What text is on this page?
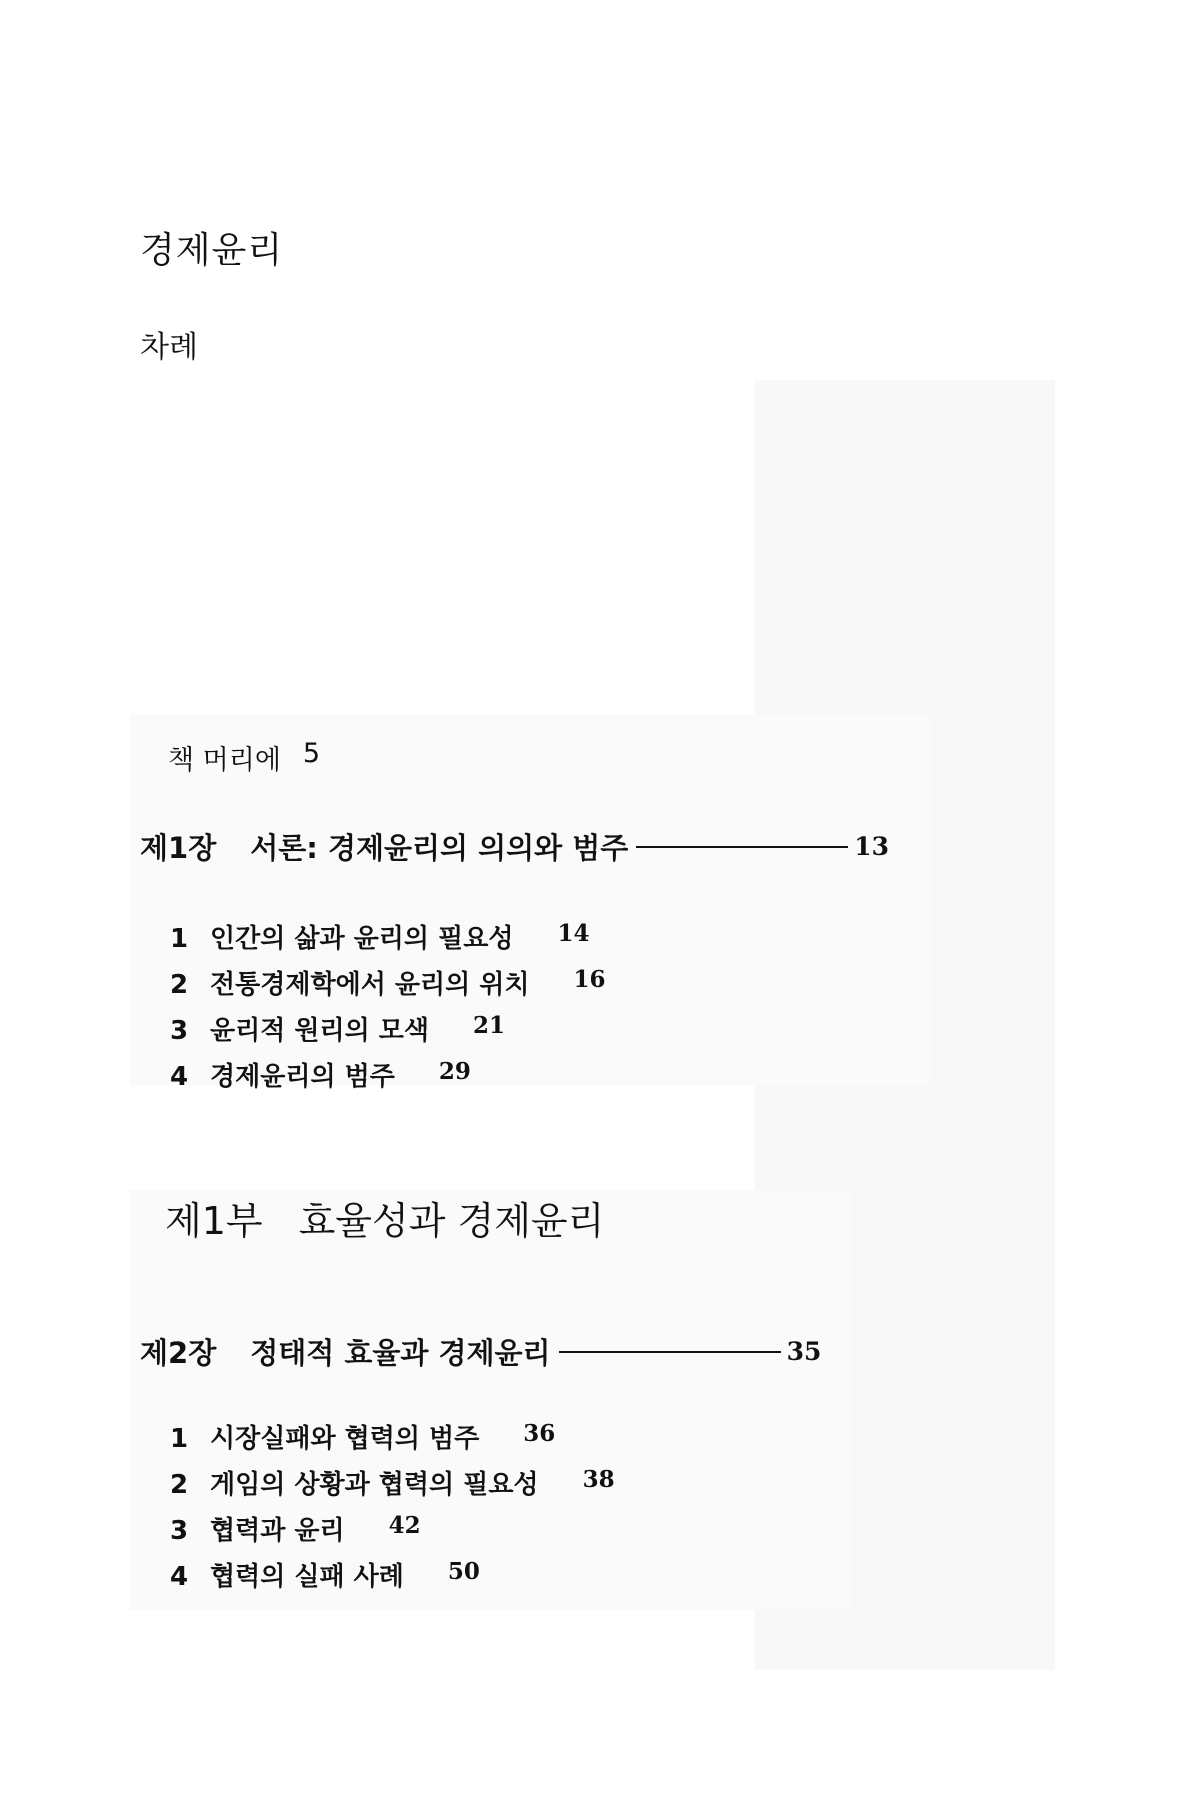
경제윤리
차례
책 머리에 5
제1장 서론: 경제윤리의 의의와 범주	13
1 인간의 삶과 윤리의 필요성 14
2 전통경제학에서 윤리의 위치 16
3 윤리적 원리의 모색 21
4 경제윤리의 범주 29
제1부 효율성과 경제윤리
제2장 정태적 효율과 경제윤리	35
1 시장실패와 협력의 범주 36
2 게임의 상황과 협력의 필요성 38
3 협력과 윤리 42
4 협력의 실패 사례 50
